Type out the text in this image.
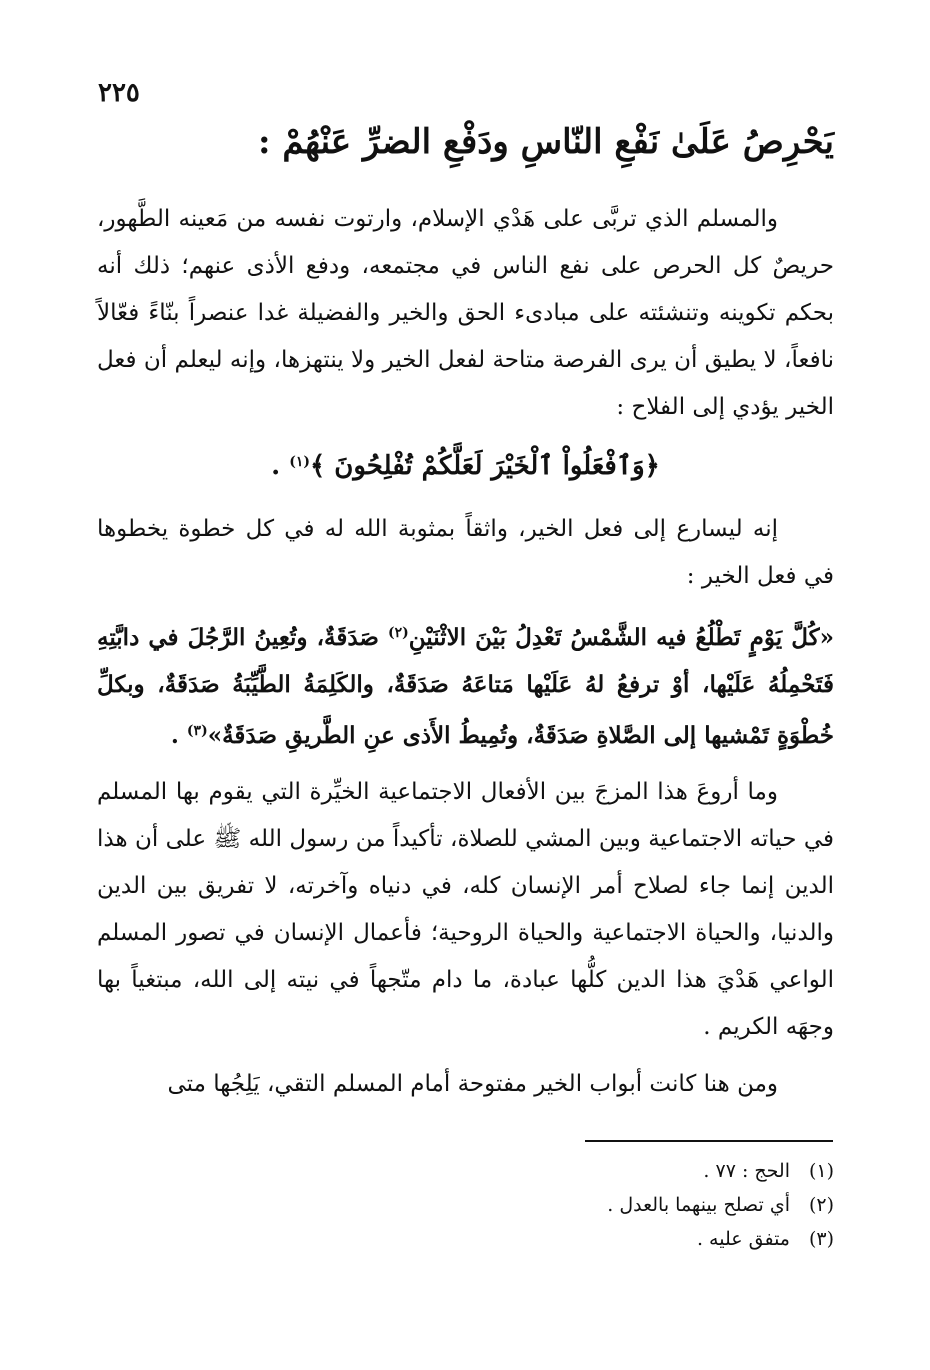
٢٢٥
يَحْرِصُ عَلَىٰ نَفْعِ النّاسِ ودَفْعِ الضرِّ عَنْهُمْ :

والمسلم الذي تربَّى على هَدْي الإسلام، وارتوت نفسه من مَعينه الطَّهور، حريصٌ كل الحرص على نفع الناس في مجتمعه، ودفع الأذى عنهم؛ ذلك أنه بحكم تكوينه وتنشئته على مبادىء الحق والخير والفضيلة غدا عنصراً بنّاءً فعّالاً نافعاً، لا يطيق أن يرى الفرصة متاحة لفعل الخير ولا ينتهزها، وإنه ليعلم أن فعل الخير يؤدي إلى الفلاح :

﴿وَٱفْعَلُواْ ٱلْخَيْرَ لَعَلَّكُمْ تُفْلِحُونَ ﴾$^{(١)}$ .

إنه ليسارع إلى فعل الخير، واثقاً بمثوبة الله له في كل خطوة يخطوها في فعل الخير :

«كُلَّ يَوْمٍ تَطْلُعُ فيه الشَّمْسُ تَعْدِلُ بَيْنَ الاثْنَيْنِ$^{(٢)}$ صَدَقَةٌ، وتُعِينُ الرَّجُلَ في دابَّتِهِ فَتَحْمِلُهُ عَلَيْها، أوْ ترفعُ لهُ عَلَيْها مَتاعَهُ صَدَقَةٌ، والكَلِمَةُ الطَّيِّبَةُ صَدَقَةٌ، وبكلِّ خُطْوَةٍ تَمْشيها إلى الصَّلاةِ صَدَقَةٌ، وتُمِيطُ الأَذى عنِ الطَّريقِ صَدَقَةٌ»$^{(٣)}$ .

وما أروعَ هذا المزجَ بين الأفعال الاجتماعية الخيِّرة التي يقوم بها المسلم في حياته الاجتماعية وبين المشي للصلاة، تأكيداً من رسول الله ﷺ على أن هذا الدين إنما جاء لصلاح أمر الإنسان كله، في دنياه وآخرته، لا تفريق بين الدين والدنيا، والحياة الاجتماعية والحياة الروحية؛ فأعمال الإنسان في تصور المسلم الواعي هَدْيَ هذا الدين كلُّها عبادة، ما دام متّجهاً في نيته إلى الله، مبتغياً بها وجهَه الكريم .

ومن هنا كانت أبواب الخير مفتوحة أمام المسلم التقي، يَلِجُها متى

(١)
الحج : ٧٧ .
(٢)
أي تصلح بينهما بالعدل .
(٣)
متفق عليه .
